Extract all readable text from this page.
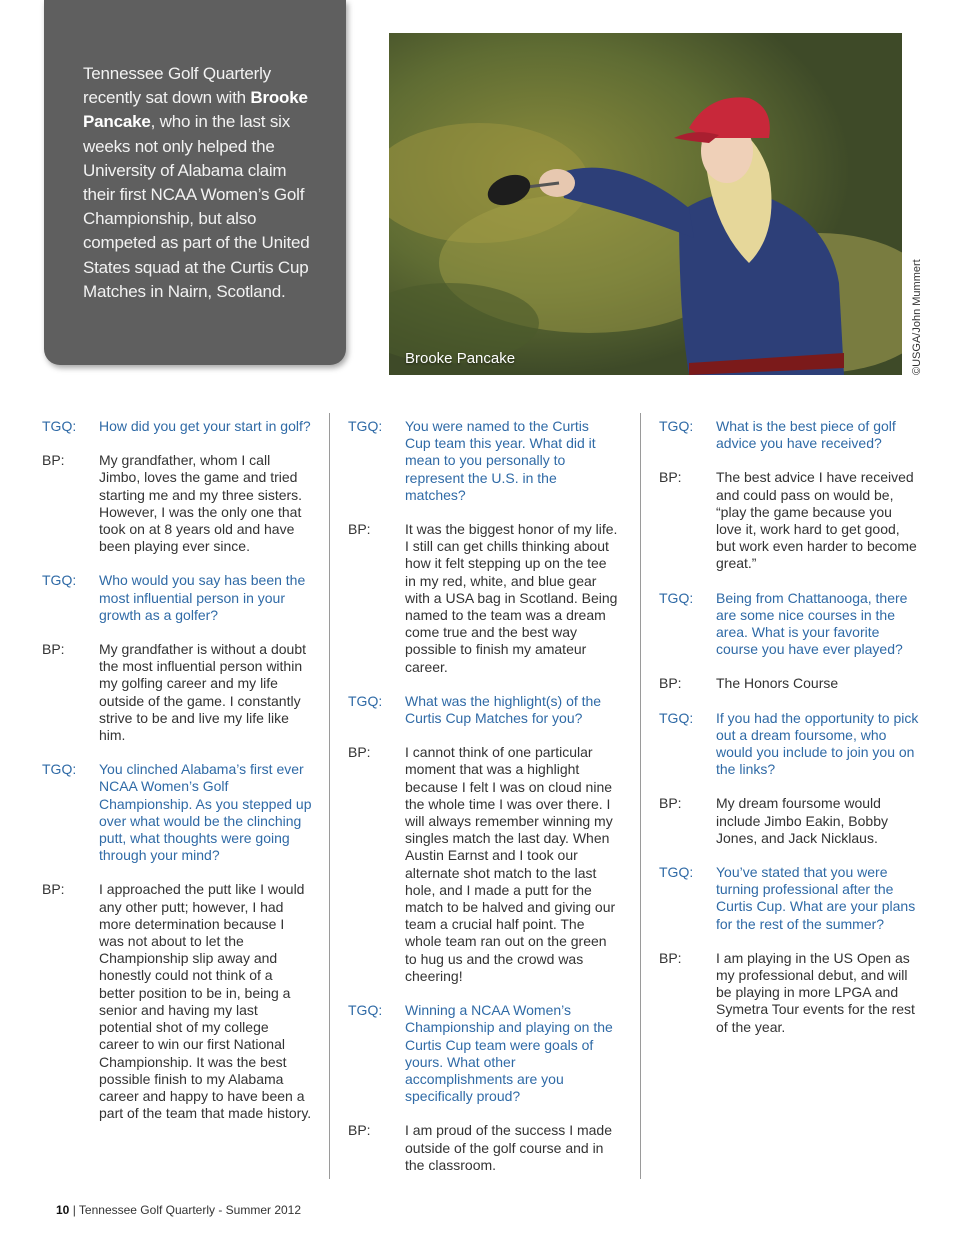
Tennessee Golf Quarterly recently sat down with Brooke Pancake, who in the last six weeks not only helped the University of Alabama claim their first NCAA Women’s Golf Championship, but also competed as part of the United States squad at the Curtis Cup Matches in Nairn, Scotland.
Brooke Pancake	©USGA/John Mummert
TGQ:	How did you get your start in golf?
BP:	My grandfather, whom I call Jimbo, loves the game and tried starting me and my three sisters. However, I was the only one that took on at 8 years old and have been playing ever since.
TGQ:	Who would you say has been the most influential person in your growth as a golfer?
BP:	My grandfather is without a doubt the most influential person within my golfing career and my life outside of the game. I constantly strive to be and live my life like him.
TGQ:	You clinched Alabama’s first ever NCAA Women’s Golf Championship. As you stepped up over what would be the clinching putt, what thoughts were going through your mind?
BP:	I approached the putt like I would any other putt; however, I had more determination because I was not about to let the Championship slip away and honestly could not think of a better position to be in, being a senior and having my last potential shot of my college career to win our first National Championship. It was the best possible finish to my Alabama career and happy to have been a part of the team that made history.
TGQ:	You were named to the Curtis Cup team this year. What did it mean to you personally to represent the U.S. in the matches?
BP:	It was the biggest honor of my life. I still can get chills thinking about how it felt stepping up on the tee in my red, white, and blue gear with a USA bag in Scotland. Being named to the team was a dream come true and the best way possible to finish my amateur career.
TGQ:	What was the highlight(s) of the Curtis Cup Matches for you?
BP:	I cannot think of one particular moment that was a highlight because I felt I was on cloud nine the whole time I was over there. I will always remember winning my singles match the last day. When Austin Earnst and I took our alternate shot match to the last hole, and I made a putt for the match to be halved and giving our team a crucial half point. The whole team ran out on the green to hug us and the crowd was cheering!
TGQ:	Winning a NCAA Women’s Championship and playing on the Curtis Cup team were goals of yours. What other accomplishments are you specifically proud?
BP:	I am proud of the success I made outside of the golf course and in the classroom.
TGQ:	What is the best piece of golf advice you have received?
BP:	The best advice I have received and could pass on would be, “play the game because you love it, work hard to get good, but work even harder to become great.”
TGQ:	Being from Chattanooga, there are some nice courses in the area. What is your favorite course you have ever played?
BP:	The Honors Course
TGQ:	If you had the opportunity to pick out a dream foursome, who would you include to join you on the links?
BP:	My dream foursome would include Jimbo Eakin, Bobby Jones, and Jack Nicklaus.
TGQ:	You’ve stated that you were turning professional after the Curtis Cup. What are your plans for the rest of the summer?
BP:	I am playing in the US Open as my professional debut, and will be playing in more LPGA and Symetra Tour events for the rest of the year.
10 | Tennessee Golf Quarterly - Summer 2012
